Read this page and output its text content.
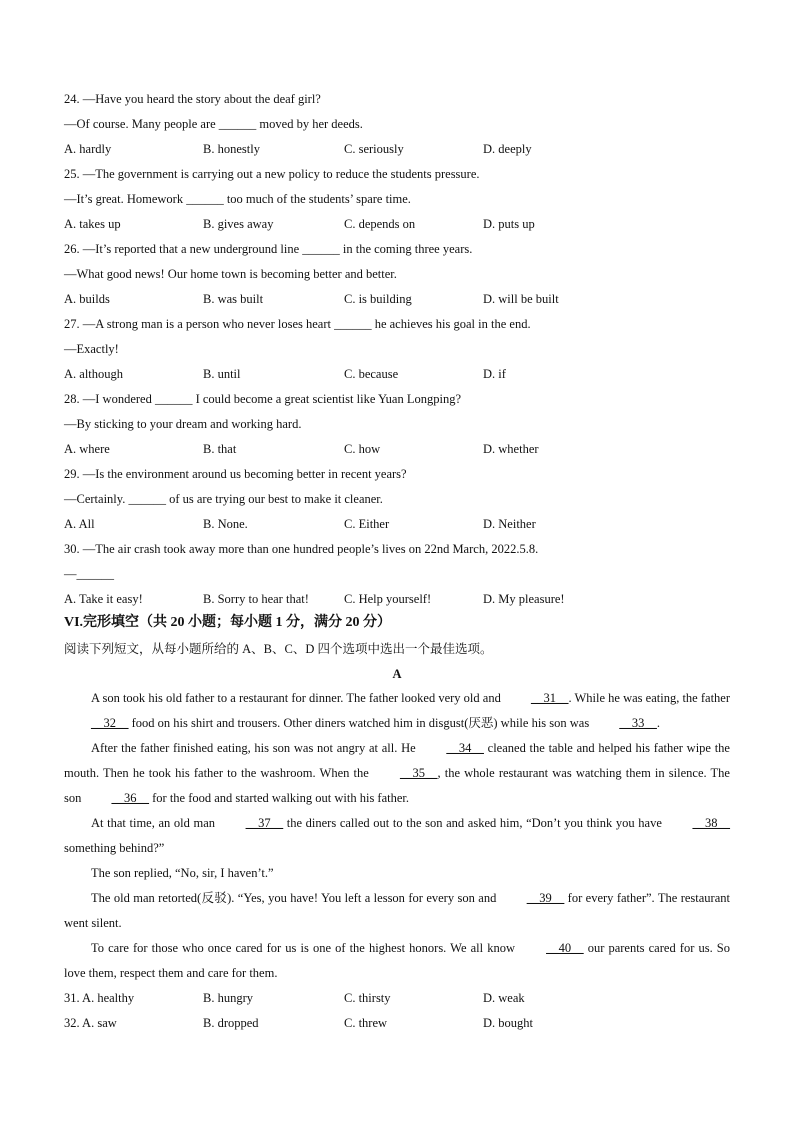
24. —Have you heard the story about the deaf girl?
—Of course. Many people are ______ moved by her deeds.
A. hardly	B. honestly	C. seriously	D. deeply
25. —The government is carrying out a new policy to reduce the students pressure.
—It’s great. Homework ______ too much of the students’ spare time.
A. takes up	B. gives away	C. depends on	D. puts up
26. —It’s reported that a new underground line ______ in the coming three years.
—What good news! Our home town is becoming better and better.
A. builds	B. was built	C. is building	D. will be built
27. —A strong man is a person who never loses heart ______ he achieves his goal in the end.
—Exactly!
A. although	B. until	C. because	D. if
28. —I wondered ______ I could become a great scientist like Yuan Longping?
—By sticking to your dream and working hard.
A. where	B. that	C. how	D. whether
29. —Is the environment around us becoming better in recent years?
—Certainly. ______ of us are trying our best to make it cleaner.
A. All	B. None.	C. Either	D. Neither
30. —The air crash took away more than one hundred people’s lives on 22nd March, 2022.5.8.
—______
A. Take it easy!	B. Sorry to hear that!	C. Help yourself!	D. My pleasure!
VI.完形填空（共 20 小题；每小题 1 分，满分 20 分）
阅读下列短文，从每小题所给的 A、B、C、D 四个选项中选出一个最佳选项。
A

A son took his old father to a restaurant for dinner. The father looked very old and __31__. While he was eating, the father __32__ food on his shirt and trousers. Other diners watched him in disgust(厌恶) while his son was __33__.

After the father finished eating, his son was not angry at all. He __34__ cleaned the table and helped his father wipe the mouth. Then he took his father to the washroom. When the __35__, the whole restaurant was watching them in silence. The son __36__ for the food and started walking out with his father.

At that time, an old man __37__ the diners called out to the son and asked him, “Don’t you think you have __38__ something behind?”

The son replied, “No, sir, I haven’t.”

The old man retorted(反驳). “Yes, you have! You left a lesson for every son and __39__ for every father”. The restaurant went silent.

To care for those who once cared for us is one of the highest honors. We all know __40__ our parents cared for us. So love them, respect them and care for them.

31. A. healthy	B. hungry	C. thirsty	D. weak
32. A. saw	B. dropped	C. threw	D. bought
